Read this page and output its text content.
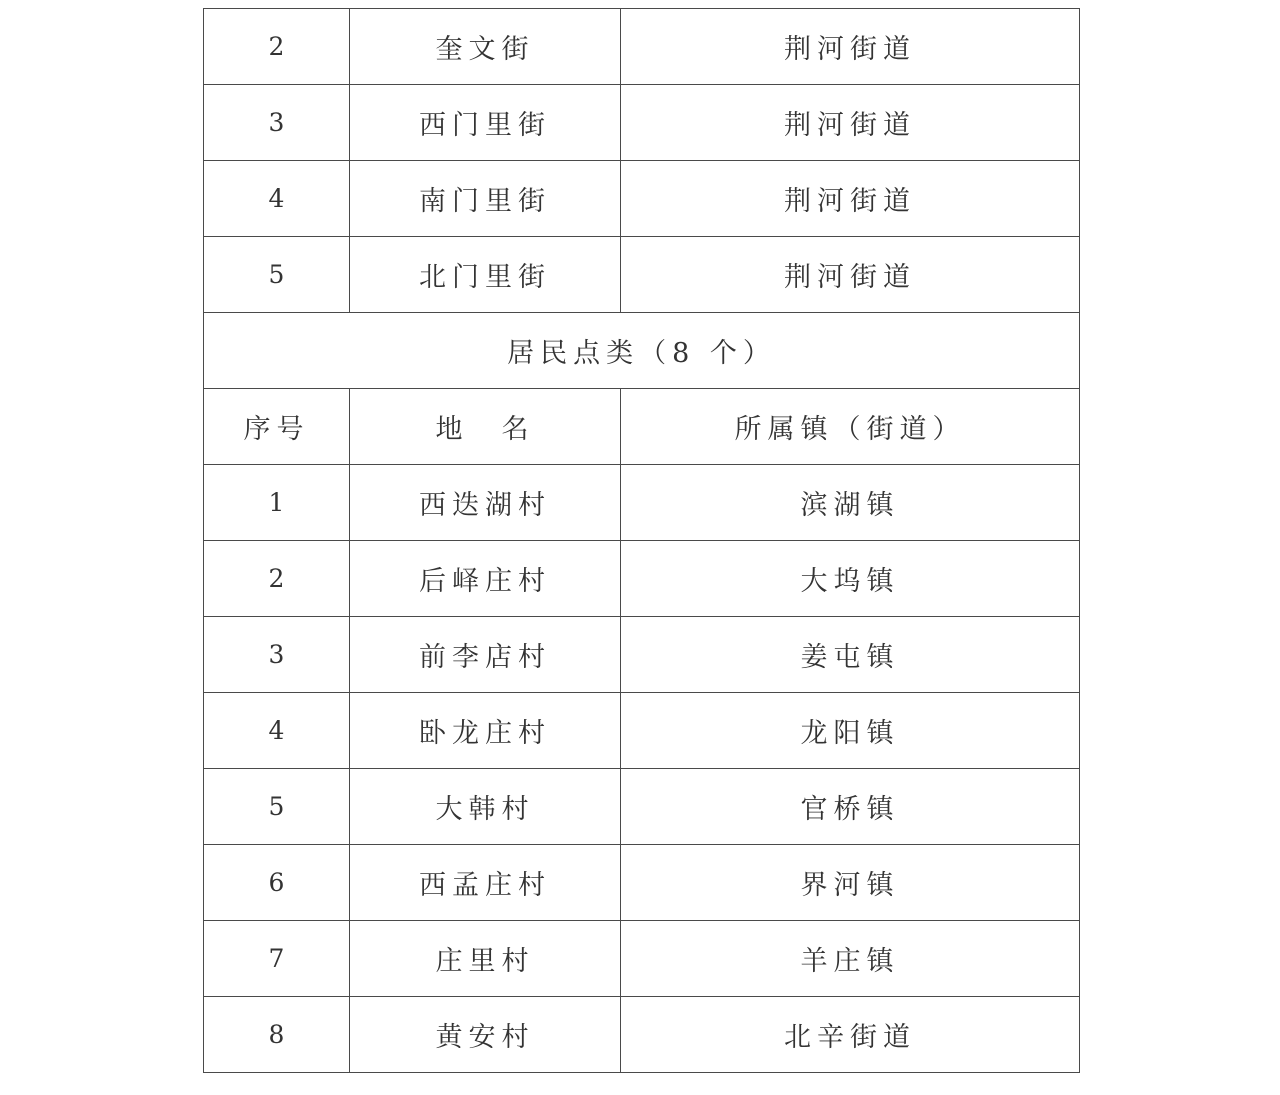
2	奎文街	荆河街道
3	西门里街	荆河街道
4	南门里街	荆河街道
5	北门里街	荆河街道
居民点类（8 个）		
序号	地　名	所属镇（街道）
1	西迭湖村	滨湖镇
2	后峄庄村	大坞镇
3	前李店村	姜屯镇
4	卧龙庄村	龙阳镇
5	大韩村	官桥镇
6	西孟庄村	界河镇
7	庄里村	羊庄镇
8	黄安村	北辛街道
